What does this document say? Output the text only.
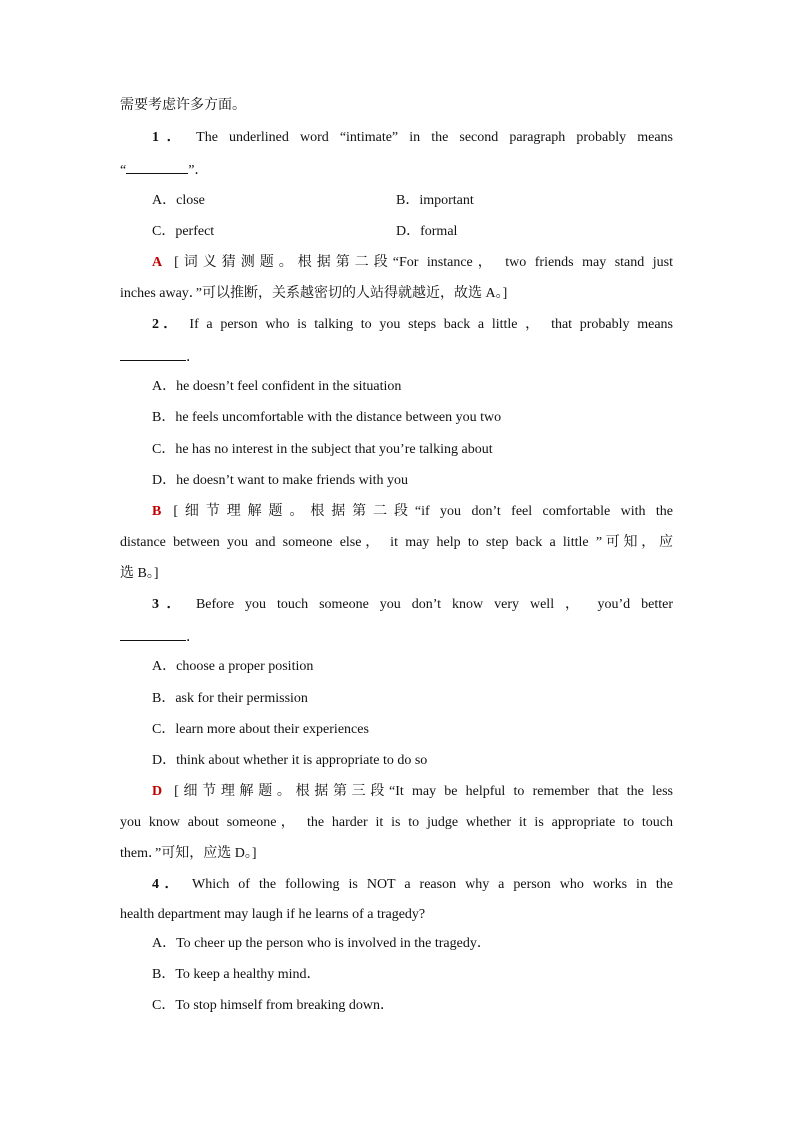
需要考虑许多方面。
1． The underlined word “intimate” in the second paragraph probably means
“	”．
A．close	B．important
C．perfect	D．formal
A [词义猜测题。根据第二段“For instance， two friends may stand just
inches away．”可以推断，关系越密切的人站得就越近，故选 A。]
2． If a person who is talking to you steps back a little ， that probably means
．
A．he doesn’t feel confident in the situation
B．he feels uncomfortable with the distance between you two
C．he has no interest in the subject that you’re talking about
D．he doesn’t want to make friends with you
B [细节理解题。根据第二段“if you don’t feel comfortable with the
distance between you and someone else， it may help to step back a little ”可知，应
选 B。]
3． Before you touch someone you don’t know very well ， you’d better
．
A．choose a proper position
B．ask for their permission
C．learn more about their experiences
D．think about whether it is appropriate to do so
D [细节理解题。根据第三段“It may be helpful to remember that the less
you know about someone， the harder it is to judge whether it is appropriate to touch
them．”可知，应选 D。]
4． Which of the following is NOT a reason why a person who works in the
health department may laugh if he learns of a tragedy?
A．To cheer up the person who is involved in the tragedy．
B．To keep a healthy mind．
C．To stop himself from breaking down．
